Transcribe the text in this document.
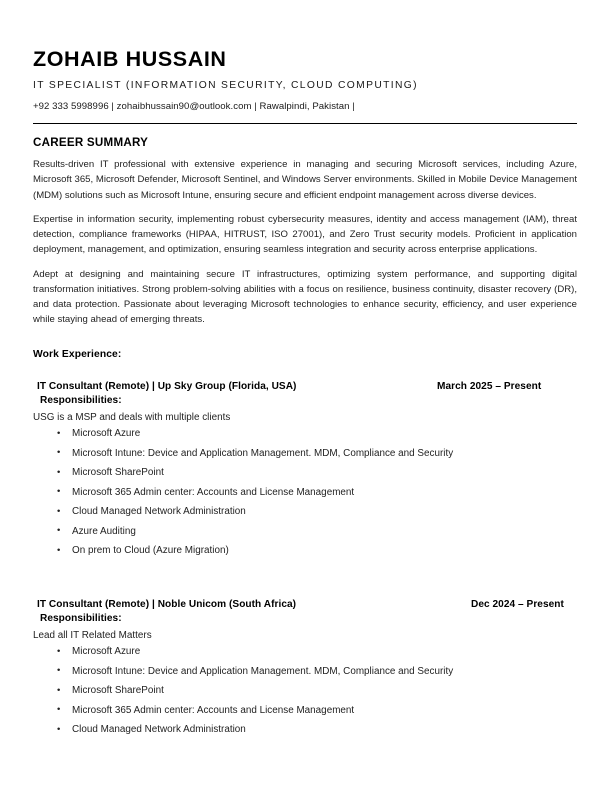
ZOHAIB HUSSAIN
IT SPECIALIST (INFORMATION SECURITY, CLOUD COMPUTING)
+92 333 5998996 | zohaibhussain90@outlook.com | Rawalpindi, Pakistan |
CAREER SUMMARY

Results-driven IT professional with extensive experience in managing and securing Microsoft services, including Azure, Microsoft 365, Microsoft Defender, Microsoft Sentinel, and Windows Server environments. Skilled in Mobile Device Management (MDM) solutions such as Microsoft Intune, ensuring secure and efficient endpoint management across diverse devices.

Expertise in information security, implementing robust cybersecurity measures, identity and access management (IAM), threat detection, compliance frameworks (HIPAA, HITRUST, ISO 27001), and Zero Trust security models. Proficient in application deployment, management, and optimization, ensuring seamless integration and security across enterprise applications.

Adept at designing and maintaining secure IT infrastructures, optimizing system performance, and supporting digital transformation initiatives. Strong problem-solving abilities with a focus on resilience, business continuity, disaster recovery (DR), and data protection. Passionate about leveraging Microsoft technologies to enhance security, efficiency, and user experience while staying ahead of emerging threats.

Work Experience:
IT Consultant (Remote) | Up Sky Group (Florida, USA)	March 2025 – Present
Responsibilities:
USG is a MSP and deals with multiple clients
• Microsoft Azure
• Microsoft Intune: Device and Application Management. MDM, Compliance and Security
• Microsoft SharePoint
• Microsoft 365 Admin center: Accounts and License Management
• Cloud Managed Network Administration
• Azure Auditing
• On prem to Cloud (Azure Migration)
IT Consultant (Remote) | Noble Unicom (South Africa)	Dec 2024 – Present
Responsibilities:
Lead all IT Related Matters
• Microsoft Azure
• Microsoft Intune: Device and Application Management. MDM, Compliance and Security
• Microsoft SharePoint
• Microsoft 365 Admin center: Accounts and License Management
• Cloud Managed Network Administration
